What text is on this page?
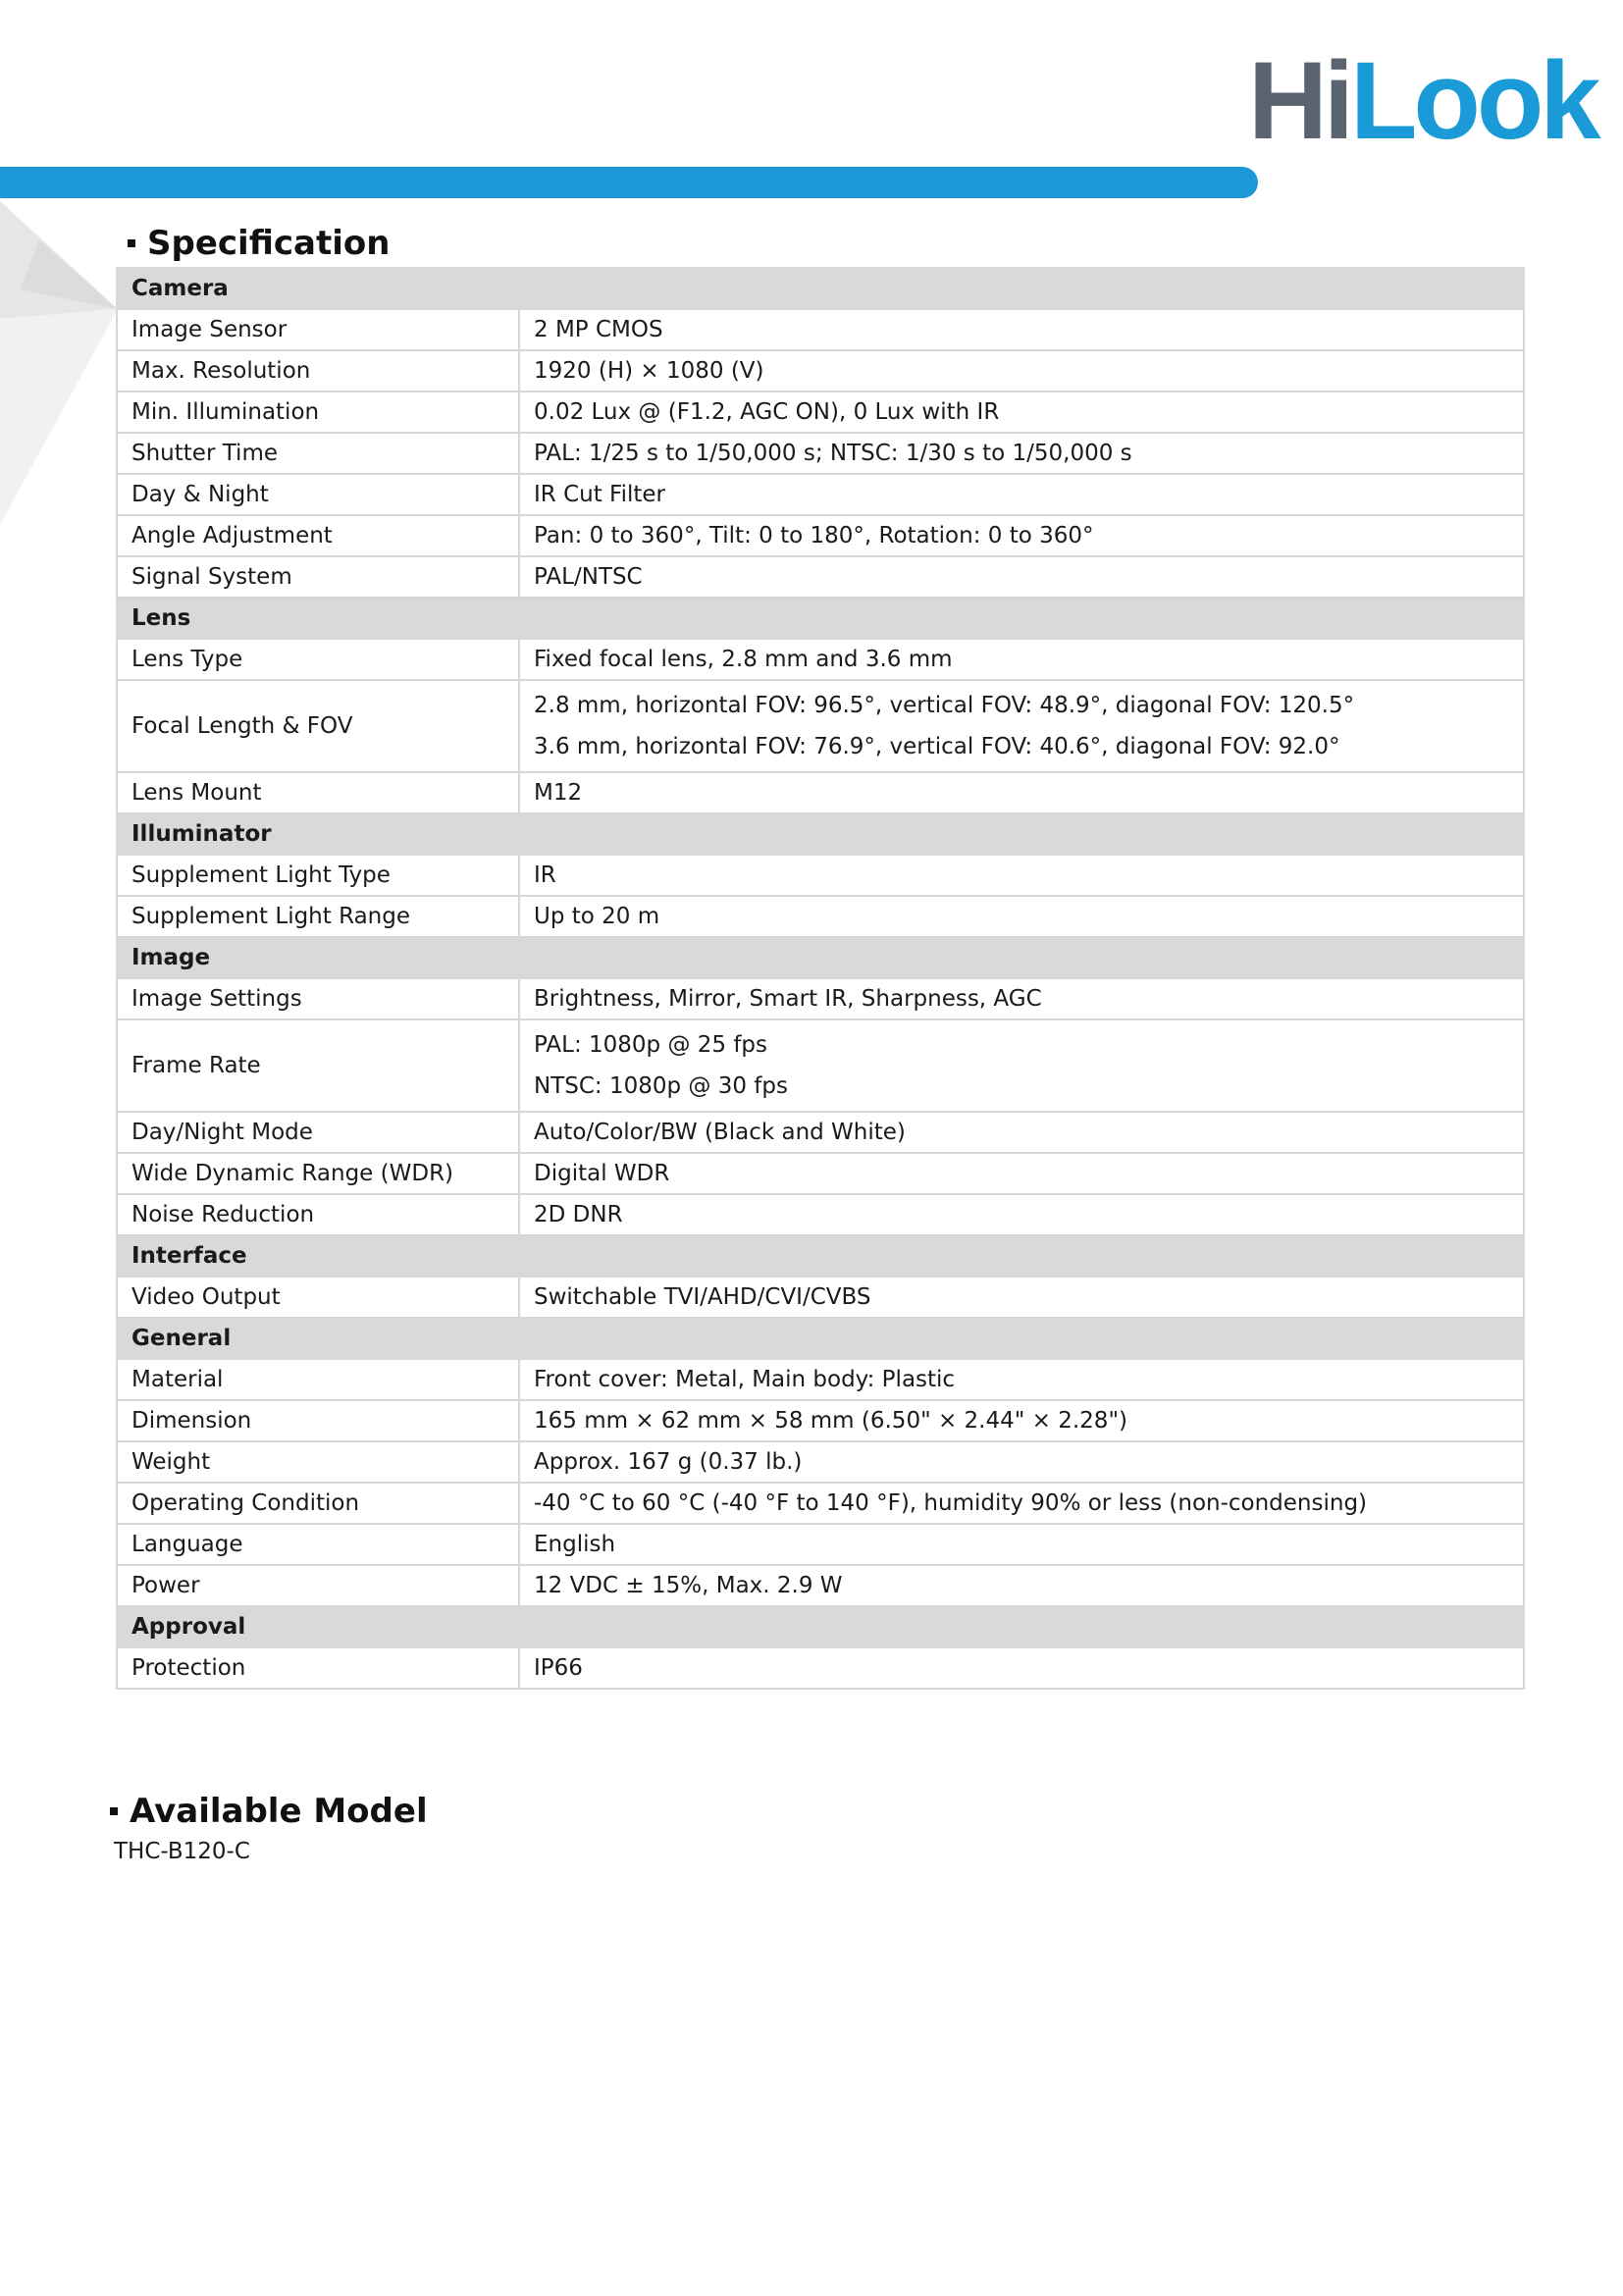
Hi Look
Specification
Camera	
Image Sensor	2 MP CMOS
Max. Resolution	1920 (H) × 1080 (V)
Min. Illumination	0.02 Lux @ (F1.2, AGC ON), 0 Lux with IR
Shutter Time	PAL: 1/25 s to 1/50,000 s; NTSC: 1/30 s to 1/50,000 s
Day & Night	IR Cut Filter
Angle Adjustment	Pan: 0 to 360°, Tilt: 0 to 180°, Rotation: 0 to 360°
Signal System	PAL/NTSC
Lens	
Lens Type	Fixed focal lens, 2.8 mm and 3.6 mm
Focal Length & FOV	2.8 mm, horizontal FOV: 96.5°, vertical FOV: 48.9°, diagonal FOV: 120.5°
3.6 mm, horizontal FOV: 76.9°, vertical FOV: 40.6°, diagonal FOV: 92.0°

Lens Mount	M12
Illuminator	
Supplement Light Type	IR
Supplement Light Range	Up to 20 m
Image	
Image Settings	Brightness, Mirror, Smart IR, Sharpness, AGC
Frame Rate	PAL: 1080p @ 25 fps
NTSC: 1080p @ 30 fps

Day/Night Mode	Auto/Color/BW (Black and White)
Wide Dynamic Range (WDR)	Digital WDR
Noise Reduction	2D DNR
Interface	
Video Output	Switchable TVI/AHD/CVI/CVBS
General	
Material	Front cover: Metal, Main body: Plastic
Dimension	165 mm × 62 mm × 58 mm (6.50" × 2.44" × 2.28")
Weight	Approx. 167 g (0.37 lb.)
Operating Condition	-40 °C to 60 °C (-40 °F to 140 °F), humidity 90% or less (non-condensing)
Language	English
Power	12 VDC ± 15%, Max. 2.9 W
Approval	
Protection	IP66
Available Model
THC-B120-C
